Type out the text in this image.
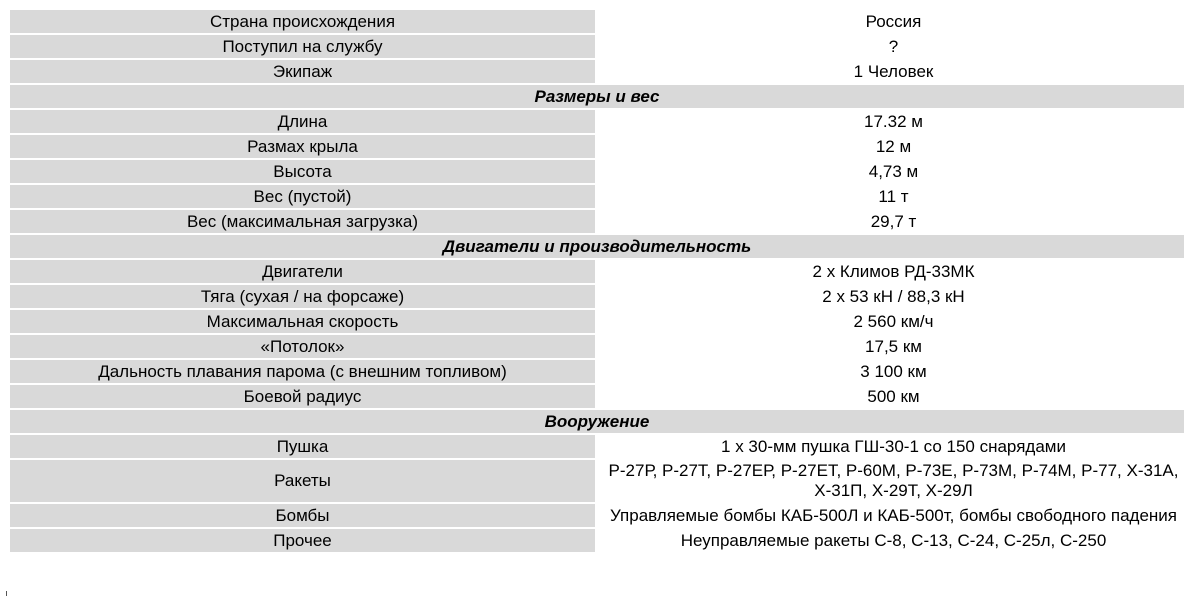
Страна происхождения		Россия
Поступил на службу		?
Экипаж		1 Человек
Размеры и вес		
Длина		17.32 м
Размах крыла		12 м
Высота		4,73 м
Вес (пустой)		11 т
Вес (максимальная загрузка)		29,7 т
Двигатели и производительность		
Двигатели		2 х Климов РД-33МК
Тяга (сухая / на форсаже)		2 х 53 кН / 88,3 кН
Максимальная скорость		2 560 км/ч
«Потолок»		17,5 км
Дальность плавания парома (с внешним топливом)		3 100 км
Боевой радиус		500 км
Вооружение		
Пушка		1 х 30-мм пушка ГШ-30-1 со 150 снарядами
Ракеты		Р-27Р, Р-27Т, Р-27ЕР, Р-27ЕТ, Р-60М, Р-73Е, Р-73М, Р-74М, Р-77, Х-31А, Х-31П, Х-29Т, Х-29Л
Бомбы		Управляемые бомбы КАБ-500Л и КАБ-500т, бомбы свободного падения
Прочее		Неуправляемые ракеты С-8, С-13, С-24, С-25л, С-250
